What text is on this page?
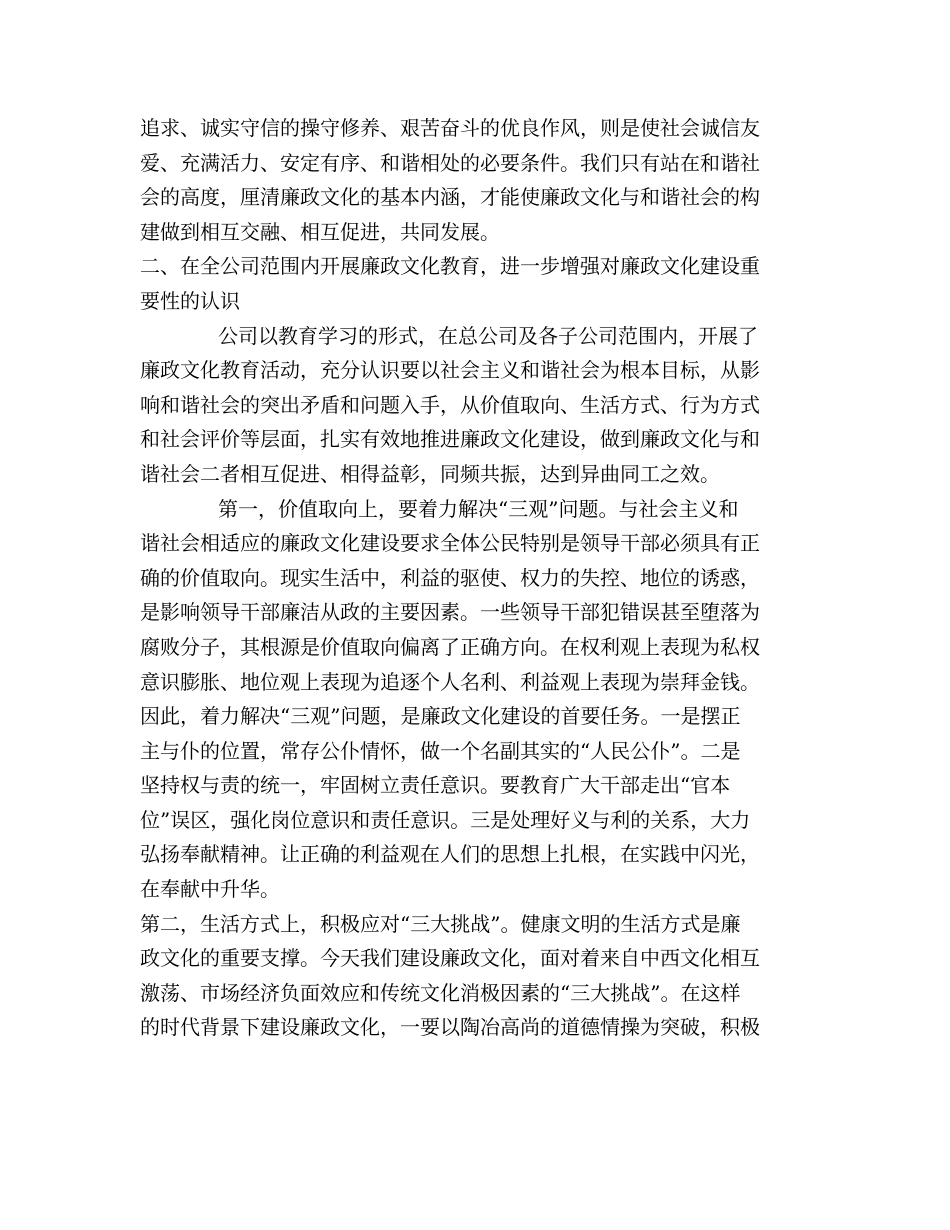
追求、诚实守信的操守修养、艰苦奋斗的优良作风，则是使社会诚信友
爱、充满活力、安定有序、和谐相处的必要条件。我们只有站在和谐社
会的高度，厘清廉政文化的基本内涵，才能使廉政文化与和谐社会的构
建做到相互交融、相互促进，共同发展。
二、在全公司范围内开展廉政文化教育，进一步增强对廉政文化建设重
要性的认识
公司以教育学习的形式，在总公司及各子公司范围内，开展了
廉政文化教育活动，充分认识要以社会主义和谐社会为根本目标，从影
响和谐社会的突出矛盾和问题入手，从价值取向、生活方式、行为方式
和社会评价等层面，扎实有效地推进廉政文化建设，做到廉政文化与和
谐社会二者相互促进、相得益彰，同频共振，达到异曲同工之效。
第一，价值取向上，要着力解决“三观”问题。与社会主义和
谐社会相适应的廉政文化建设要求全体公民特别是领导干部必须具有正
确的价值取向。现实生活中，利益的驱使、权力的失控、地位的诱惑，
是影响领导干部廉洁从政的主要因素。一些领导干部犯错误甚至堕落为
腐败分子，其根源是价值取向偏离了正确方向。在权利观上表现为私权
意识膨胀、地位观上表现为追逐个人名利、利益观上表现为崇拜金钱。
因此，着力解决“三观”问题，是廉政文化建设的首要任务。一是摆正
主与仆的位置，常存公仆情怀，做一个名副其实的“人民公仆”。二是
坚持权与责的统一，牢固树立责任意识。要教育广大干部走出“官本
位”误区，强化岗位意识和责任意识。三是处理好义与利的关系，大力
弘扬奉献精神。让正确的利益观在人们的思想上扎根，在实践中闪光，
在奉献中升华。
第二，生活方式上，积极应对“三大挑战”。健康文明的生活方式是廉
政文化的重要支撑。今天我们建设廉政文化，面对着来自中西文化相互
激荡、市场经济负面效应和传统文化消极因素的“三大挑战”。在这样
的时代背景下建设廉政文化，一要以陶冶高尚的道德情操为突破，积极
